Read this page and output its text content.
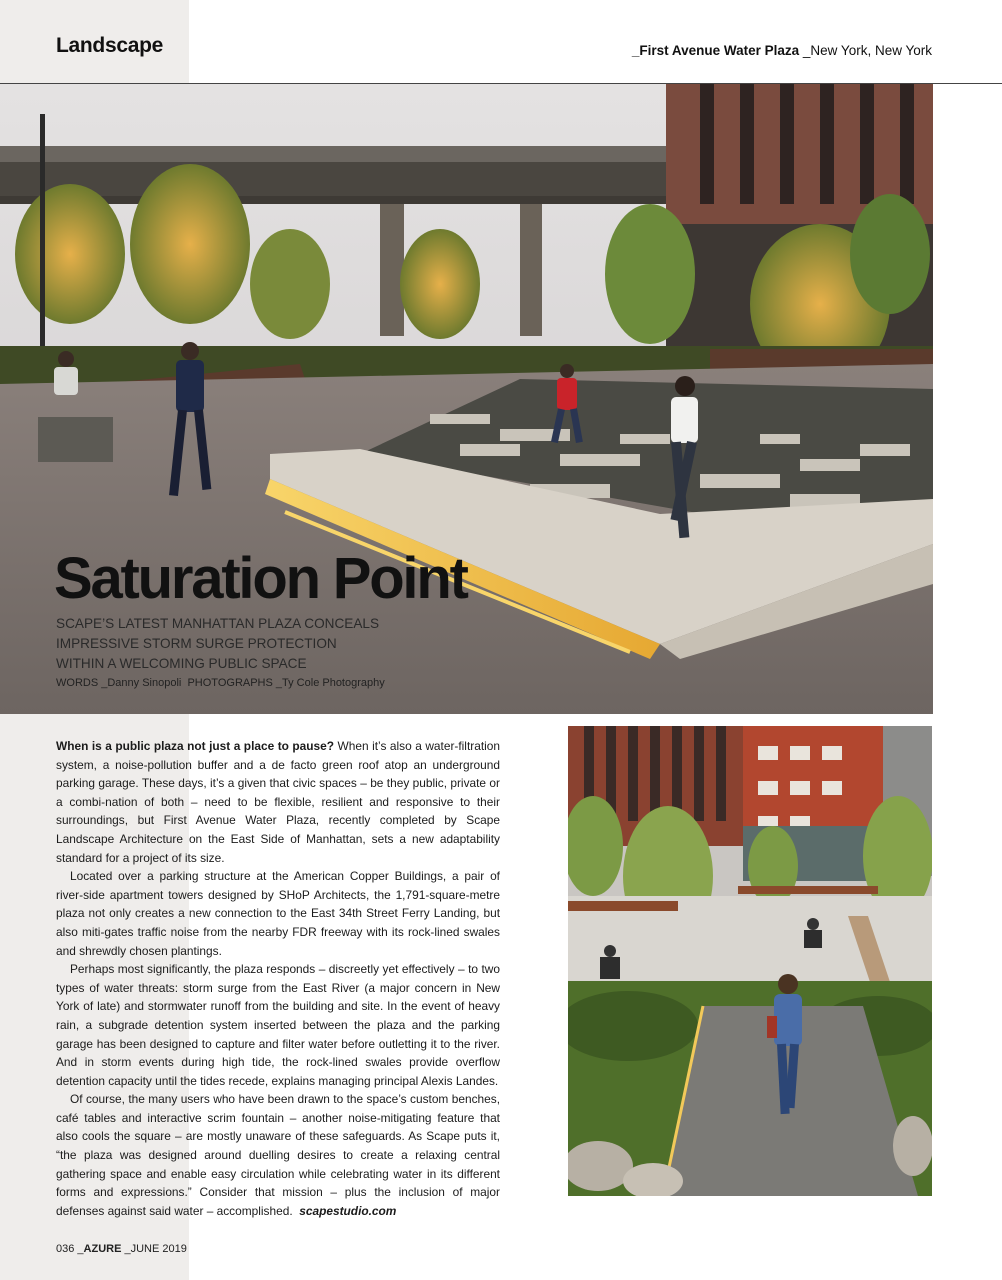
Landscape	_First Avenue Water Plaza _New York, New York
Saturation Point
SCAPE’S LATEST MANHATTAN PLAZA CONCEALS IMPRESSIVE STORM SURGE PROTECTION WITHIN A WELCOMING PUBLIC SPACE
WORDS _Danny Sinopoli PHOTOGRAPHS _Ty Cole Photography

When is a public plaza not just a place to pause? When it’s also a water-filtration system, a noise-pollution buffer and a de facto green roof atop an underground parking garage. These days, it’s a given that civic spaces – be they public, private or a combi-nation of both – need to be flexible, resilient and responsive to their surroundings, but First Avenue Water Plaza, recently completed by Scape Landscape Architecture on the East Side of Manhattan, sets a new adaptability standard for a project of its size.

Located over a parking structure at the American Copper Buildings, a pair of river-side apartment towers designed by SHoP Architects, the 1,791-square-metre plaza not only creates a new connection to the East 34th Street Ferry Landing, but also miti-gates traffic noise from the nearby FDR freeway with its rock-lined swales and shrewdly chosen plantings.

Perhaps most significantly, the plaza responds – discreetly yet effectively – to two types of water threats: storm surge from the East River (a major concern in New York of late) and stormwater runoff from the building and site. In the event of heavy rain, a subgrade detention system inserted between the plaza and the parking garage has been designed to capture and filter water before outletting it to the river. And in storm events during high tide, the rock-lined swales provide overflow detention capacity until the tides recede, explains managing principal Alexis Landes.

Of course, the many users who have been drawn to the space’s custom benches, café tables and interactive scrim fountain – another noise-mitigating feature that also cools the square – are mostly unaware of these safeguards. As Scape puts it, “the plaza was designed around duelling desires to create a relaxing central gathering space and enable easy circulation while celebrating water in its different forms and expressions.” Consider that mission – plus the inclusion of major defenses against said water – accomplished. scapestudio.com

036 _AZURE _JUNE 2019
